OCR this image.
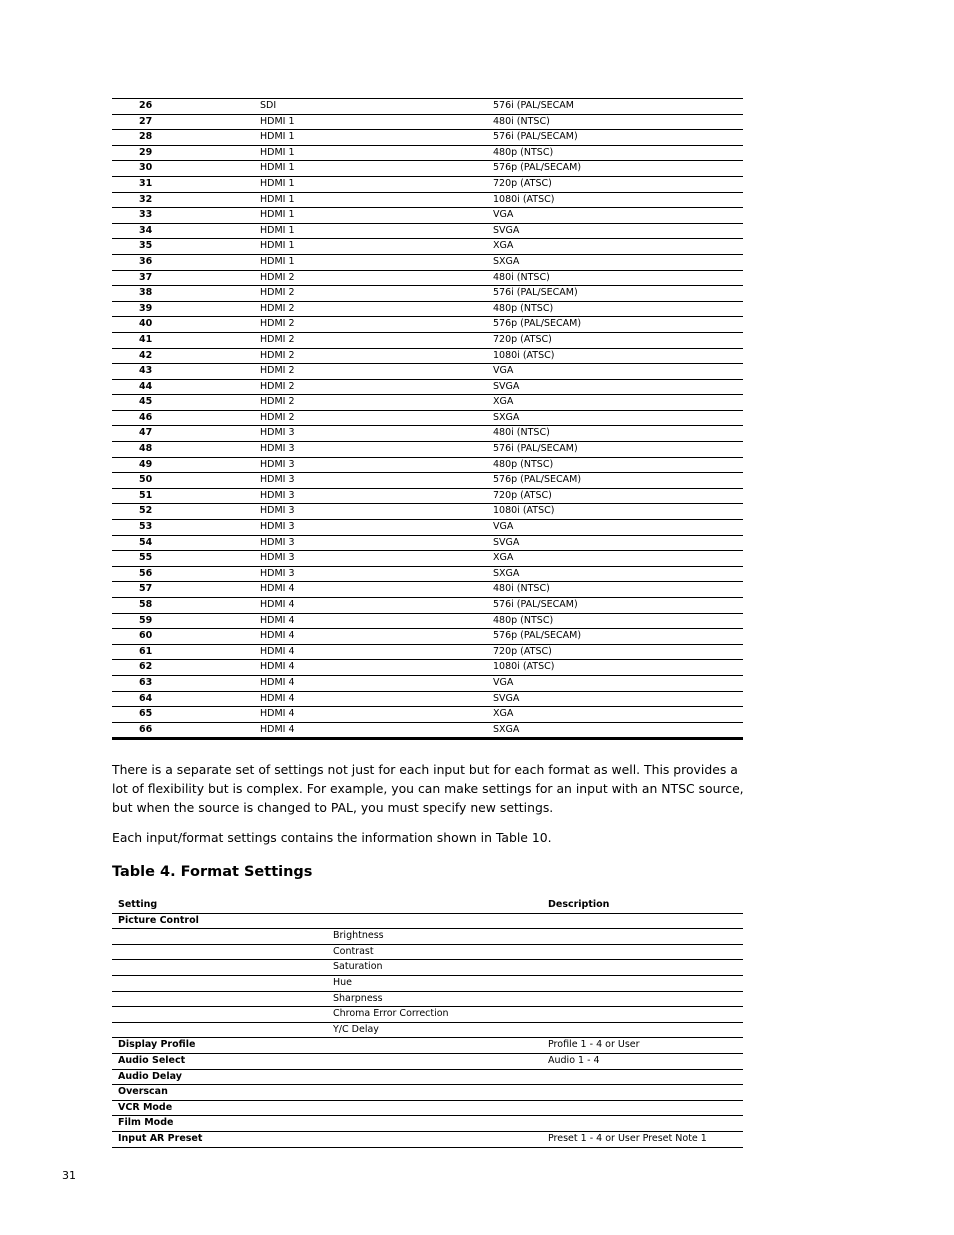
26	SDI	576i (PAL/SECAM
27	HDMI 1	480i (NTSC)
28	HDMI 1	576i (PAL/SECAM)
29	HDMI 1	480p (NTSC)
30	HDMI 1	576p (PAL/SECAM)
31	HDMI 1	720p (ATSC)
32	HDMI 1	1080i (ATSC)
33	HDMI 1	VGA
34	HDMI 1	SVGA
35	HDMI 1	XGA
36	HDMI 1	SXGA
37	HDMI 2	480i (NTSC)
38	HDMI 2	576i (PAL/SECAM)
39	HDMI 2	480p (NTSC)
40	HDMI 2	576p (PAL/SECAM)
41	HDMI 2	720p (ATSC)
42	HDMI 2	1080i (ATSC)
43	HDMI 2	VGA
44	HDMI 2	SVGA
45	HDMI 2	XGA
46	HDMI 2	SXGA
47	HDMI 3	480i (NTSC)
48	HDMI 3	576i (PAL/SECAM)
49	HDMI 3	480p (NTSC)
50	HDMI 3	576p (PAL/SECAM)
51	HDMI 3	720p (ATSC)
52	HDMI 3	1080i (ATSC)
53	HDMI 3	VGA
54	HDMI 3	SVGA
55	HDMI 3	XGA
56	HDMI 3	SXGA
57	HDMI 4	480i (NTSC)
58	HDMI 4	576i (PAL/SECAM)
59	HDMI 4	480p (NTSC)
60	HDMI 4	576p (PAL/SECAM)
61	HDMI 4	720p (ATSC)
62	HDMI 4	1080i (ATSC)
63	HDMI 4	VGA
64	HDMI 4	SVGA
65	HDMI 4	XGA
66	HDMI 4	SXGA

There is a separate set of settings not just for each input but for each format as well. This provides a lot of flexibility but is complex. For example, you can make settings for an input with an NTSC source, but when the source is changed to PAL, you must specify new settings.

Each input/format settings contains the information shown in Table 10.

Table 4. Format Settings
Setting		Description
Picture Control		
	Brightness	
	Contrast	
	Saturation	
	Hue	
	Sharpness	
	Chroma Error Correction	
	Y/C Delay	
Display Profile		Profile 1 - 4 or User
Audio Select		Audio 1 - 4
Audio Delay		
Overscan		
VCR Mode		
Film Mode		
Input AR Preset		Preset 1 - 4 or User Preset Note 1
31
